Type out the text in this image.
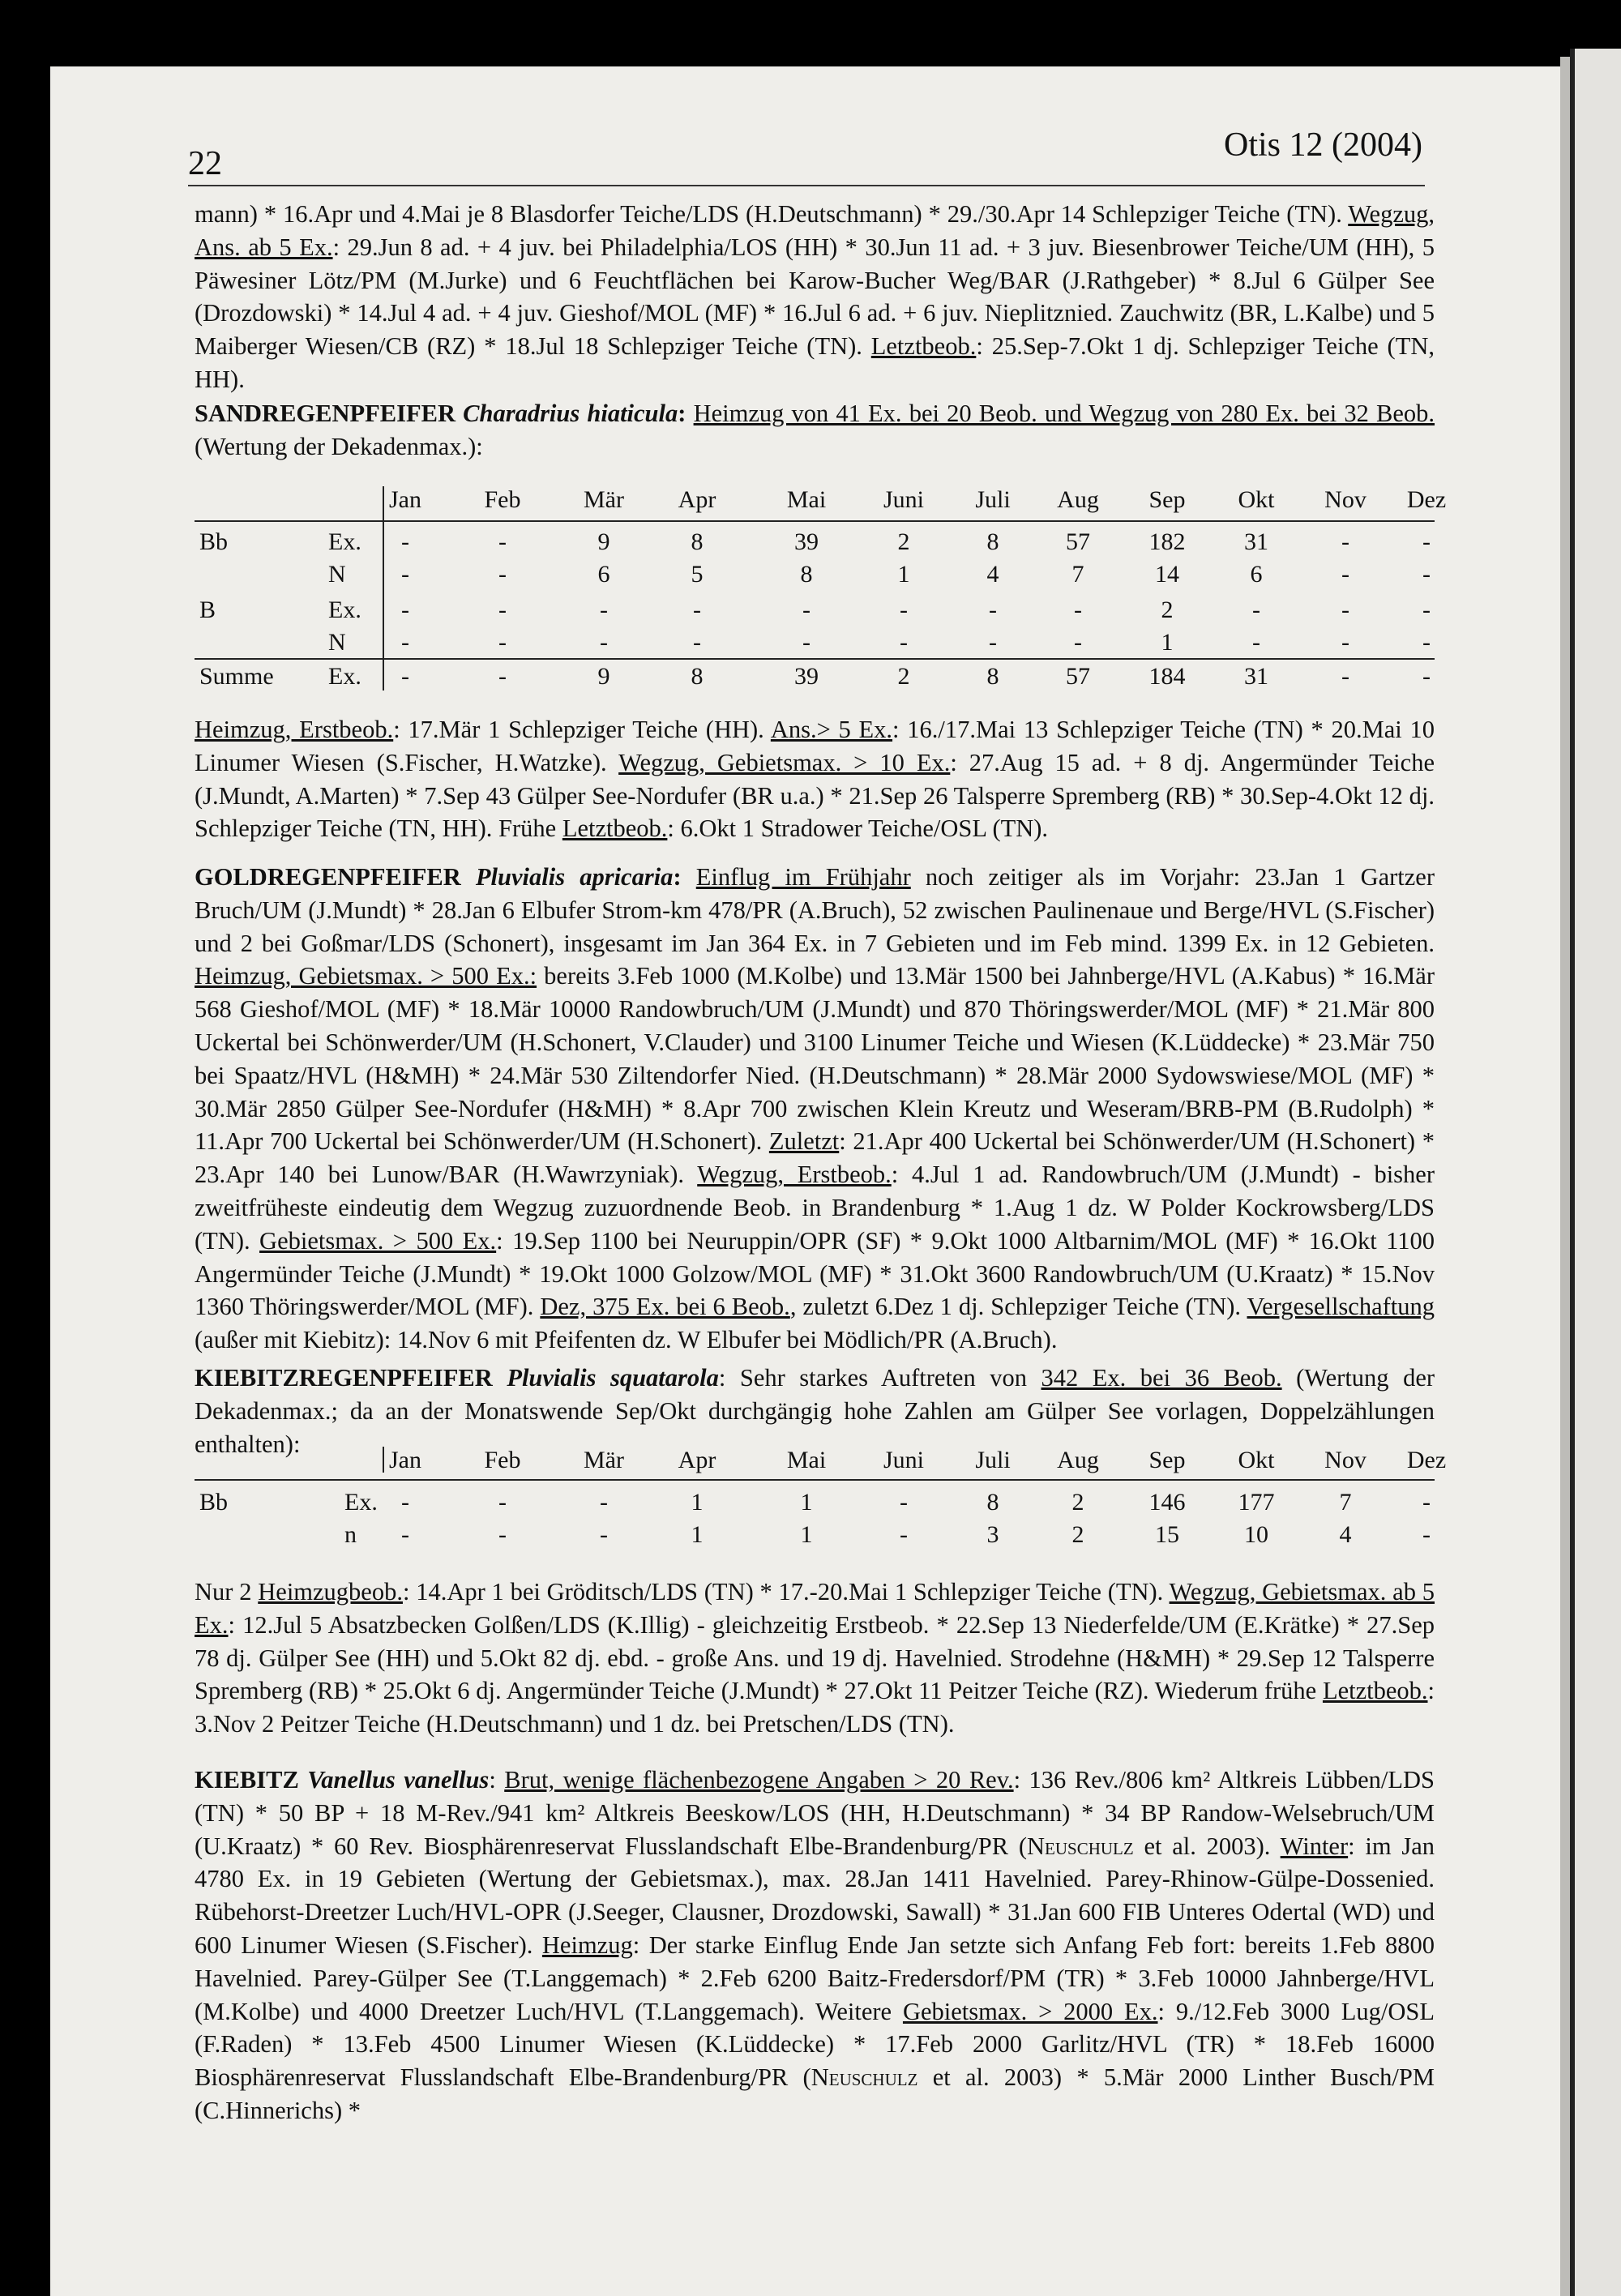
22	Otis 12 (2004)

mann) * 16.Apr und 4.Mai je 8 Blasdorfer Teiche/LDS (H.Deutschmann) * 29./30.Apr 14 Schlepziger Teiche (TN). Wegzug, Ans. ab 5 Ex.: 29.Jun 8 ad. + 4 juv. bei Philadelphia/LOS (HH) * 30.Jun 11 ad. + 3 juv. Biesenbrower Teiche/UM (HH), 5 Päwesiner Lötz/PM (M.Jurke) und 6 Feuchtflächen bei Karow-Bucher Weg/BAR (J.Rathgeber) * 8.Jul 6 Gülper See (Drozdowski) * 14.Jul 4 ad. + 4 juv. Gieshof/MOL (MF) * 16.Jul 6 ad. + 6 juv. Nieplitznied. Zauchwitz (BR, L.Kalbe) und 5 Maiberger Wiesen/CB (RZ) * 18.Jul 18 Schlepziger Teiche (TN). Letztbeob.: 25.Sep-7.Okt 1 dj. Schlepziger Teiche (TN, HH).

SANDREGENPFEIFER Charadrius hiaticula: Heimzug von 41 Ex. bei 20 Beob. und Wegzug von 280 Ex. bei 32 Beob. (Wertung der Dekadenmax.):

Jan	Feb	Mär	Apr	Mai	Juni	Juli	Aug	Sep	Okt	Nov	Dez
Bb	Ex.	-	-	9	8	39	2	8	57	182	31	-	-
N	-	-	6	5	8	1	4	7	14	6	-	-
B	Ex.	-	-	-	-	-	-	-	-	2	-	-	-
N	-	-	-	-	-	-	-	-	1	-	-	-
Summe Ex.	-	-	9	8	39	2	8	57	184	31	-	-

Heimzug, Erstbeob.: 17.Mär 1 Schlepziger Teiche (HH). Ans.> 5 Ex.: 16./17.Mai 13 Schlepziger Teiche (TN) * 20.Mai 10 Linumer Wiesen (S.Fischer, H.Watzke). Wegzug, Gebietsmax. > 10 Ex.: 27.Aug 15 ad. + 8 dj. Angermünder Teiche (J.Mundt, A.Marten) * 7.Sep 43 Gülper See-Nordufer (BR u.a.) * 21.Sep 26 Talsperre Spremberg (RB) * 30.Sep-4.Okt 12 dj. Schlepziger Teiche (TN, HH). Frühe Letztbeob.: 6.Okt 1 Stradower Teiche/OSL (TN).

GOLDREGENPFEIFER Pluvialis apricaria: Einflug im Frühjahr noch zeitiger als im Vorjahr: 23.Jan 1 Gartzer Bruch/UM (J.Mundt) * 28.Jan 6 Elbufer Strom-km 478/PR (A.Bruch), 52 zwischen Paulinenaue und Berge/HVL (S.Fischer) und 2 bei Goßmar/LDS (Schonert), insgesamt im Jan 364 Ex. in 7 Gebieten und im Feb mind. 1399 Ex. in 12 Gebieten. Heimzug, Gebietsmax. > 500 Ex.: bereits 3.Feb 1000 (M.Kolbe) und 13.Mär 1500 bei Jahnberge/HVL (A.Kabus) * 16.Mär 568 Gieshof/MOL (MF) * 18.Mär 10000 Randowbruch/UM (J.Mundt) und 870 Thöringswerder/MOL (MF) * 21.Mär 800 Uckertal bei Schönwerder/UM (H.Schonert, V.Clauder) und 3100 Linumer Teiche und Wiesen (K.Lüddecke) * 23.Mär 750 bei Spaatz/HVL (H&MH) * 24.Mär 530 Ziltendorfer Nied. (H.Deutschmann) * 28.Mär 2000 Sydowswiese/MOL (MF) * 30.Mär 2850 Gülper See-Nordufer (H&MH) * 8.Apr 700 zwischen Klein Kreutz und Weseram/BRB-PM (B.Rudolph) * 11.Apr 700 Uckertal bei Schönwerder/UM (H.Schonert). Zuletzt: 21.Apr 400 Uckertal bei Schönwerder/UM (H.Schonert) * 23.Apr 140 bei Lunow/BAR (H.Wawrzyniak). Wegzug, Erstbeob.: 4.Jul 1 ad. Randowbruch/UM (J.Mundt) - bisher zweitfrüheste eindeutig dem Wegzug zuzuordnende Beob. in Brandenburg * 1.Aug 1 dz. W Polder Kockrowsberg/LDS (TN). Gebietsmax. > 500 Ex.: 19.Sep 1100 bei Neuruppin/OPR (SF) * 9.Okt 1000 Altbarnim/MOL (MF) * 16.Okt 1100 Angermünder Teiche (J.Mundt) * 19.Okt 1000 Golzow/MOL (MF) * 31.Okt 3600 Randowbruch/UM (U.Kraatz) * 15.Nov 1360 Thöringswerder/MOL (MF). Dez, 375 Ex. bei 6 Beob., zuletzt 6.Dez 1 dj. Schlepziger Teiche (TN). Vergesellschaftung (außer mit Kiebitz): 14.Nov 6 mit Pfeifenten dz. W Elbufer bei Mödlich/PR (A.Bruch).

KIEBITZREGENPFEIFER Pluvialis squatarola: Sehr starkes Auftreten von 342 Ex. bei 36 Beob. (Wertung der Dekadenmax.; da an der Monatswende Sep/Okt durchgängig hohe Zahlen am Gülper See vorlagen, Doppelzählungen enthalten):

Jan	Feb	Mär	Apr	Mai	Juni	Juli	Aug	Sep	Okt	Nov	Dez
Bb	Ex. -	-	-	1	1	-	8	2	146	177	7	-
n	-	-	-	1	1	-	3	2	15	10	4	-

Nur 2 Heimzugbeob.: 14.Apr 1 bei Gröditsch/LDS (TN) * 17.-20.Mai 1 Schlepziger Teiche (TN). Wegzug, Gebietsmax. ab 5 Ex.: 12.Jul 5 Absatzbecken Golßen/LDS (K.Illig) - gleichzeitig Erstbeob. * 22.Sep 13 Niederfelde/UM (E.Krätke) * 27.Sep 78 dj. Gülper See (HH) und 5.Okt 82 dj. ebd. - große Ans. und 19 dj. Havelnied. Strodehne (H&MH) * 29.Sep 12 Talsperre Spremberg (RB) * 25.Okt 6 dj. Angermünder Teiche (J.Mundt) * 27.Okt 11 Peitzer Teiche (RZ). Wiederum frühe Letztbeob.: 3.Nov 2 Peitzer Teiche (H.Deutschmann) und 1 dz. bei Pretschen/LDS (TN).

KIEBITZ Vanellus vanellus: Brut, wenige flächenbezogene Angaben > 20 Rev.: 136 Rev./806 km² Altkreis Lübben/LDS (TN) * 50 BP + 18 M-Rev./941 km² Altkreis Beeskow/LOS (HH, H.Deutschmann) * 34 BP Randow-Welsebruch/UM (U.Kraatz) * 60 Rev. Biosphärenreservat Flusslandschaft Elbe-Brandenburg/PR (Neuschulz et al. 2003). Winter: im Jan 4780 Ex. in 19 Gebieten (Wertung der Gebietsmax.), max. 28.Jan 1411 Havelnied. Parey-Rhinow-Gülpe-Dossenied. Rübehorst-Dreetzer Luch/HVL-OPR (J.Seeger, Clausner, Drozdowski, Sawall) * 31.Jan 600 FIB Unteres Odertal (WD) und 600 Linumer Wiesen (S.Fischer). Heimzug: Der starke Einflug Ende Jan setzte sich Anfang Feb fort: bereits 1.Feb 8800 Havelnied. Parey-Gülper See (T.Langgemach) * 2.Feb 6200 Baitz-Fredersdorf/PM (TR) * 3.Feb 10000 Jahnberge/HVL (M.Kolbe) und 4000 Dreetzer Luch/HVL (T.Langgemach). Weitere Gebietsmax. > 2000 Ex.: 9./12.Feb 3000 Lug/OSL (F.Raden) * 13.Feb 4500 Linumer Wiesen (K.Lüddecke) * 17.Feb 2000 Garlitz/HVL (TR) * 18.Feb 16000 Biosphärenreservat Flusslandschaft Elbe-Brandenburg/PR (Neuschulz et al. 2003) * 5.Mär 2000 Linther Busch/PM (C.Hinnerichs) *
